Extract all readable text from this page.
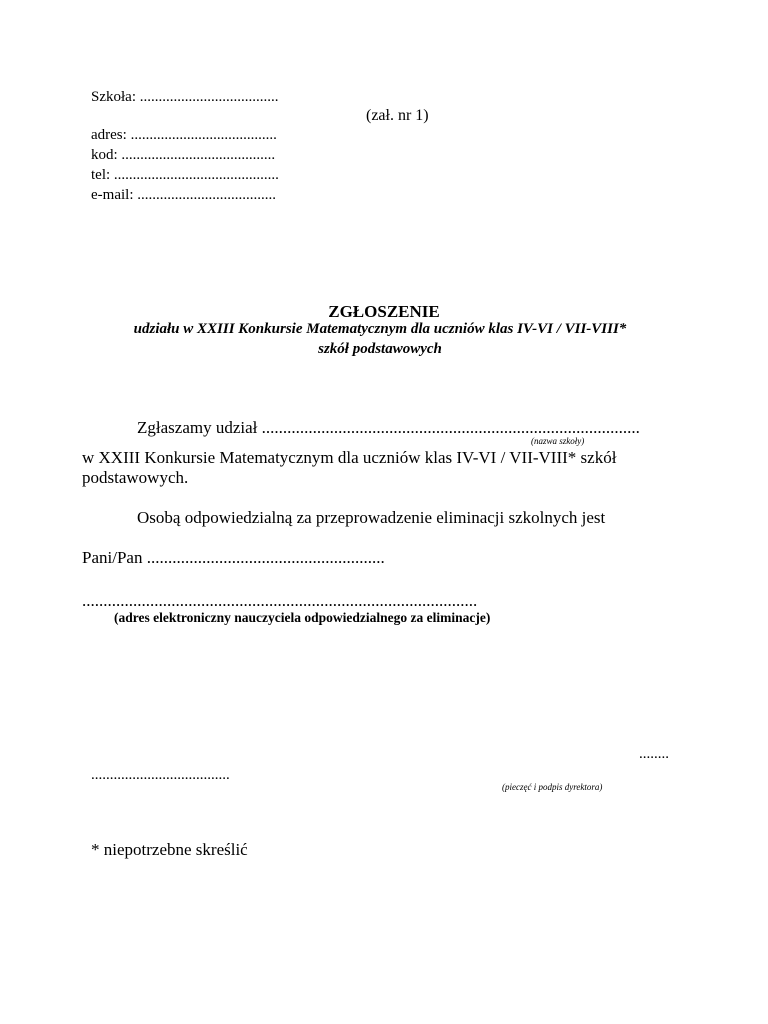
Szkoła: .....................................
(zał. nr 1)
adres: .......................................
kod: .........................................
tel: ............................................
e-mail: .....................................
ZGŁOSZENIE
udziału w XXIII Konkursie Matematycznym dla uczniów klas IV-VI / VII-VIII*
szkół podstawowych
Zgłaszamy udział .........................................................................................
(nazwa szkoły)
w XXIII Konkursie Matematycznym dla uczniów klas IV-VI / VII-VIII* szkół
podstawowych.
Osobą odpowiedzialną za przeprowadzenie eliminacji szkolnych jest
Pani/Pan ........................................................
.............................................................................................
(adres elektroniczny nauczyciela odpowiedzialnego za eliminacje)
........
.....................................
(pieczęć i podpis dyrektora)
* niepotrzebne skreślić
